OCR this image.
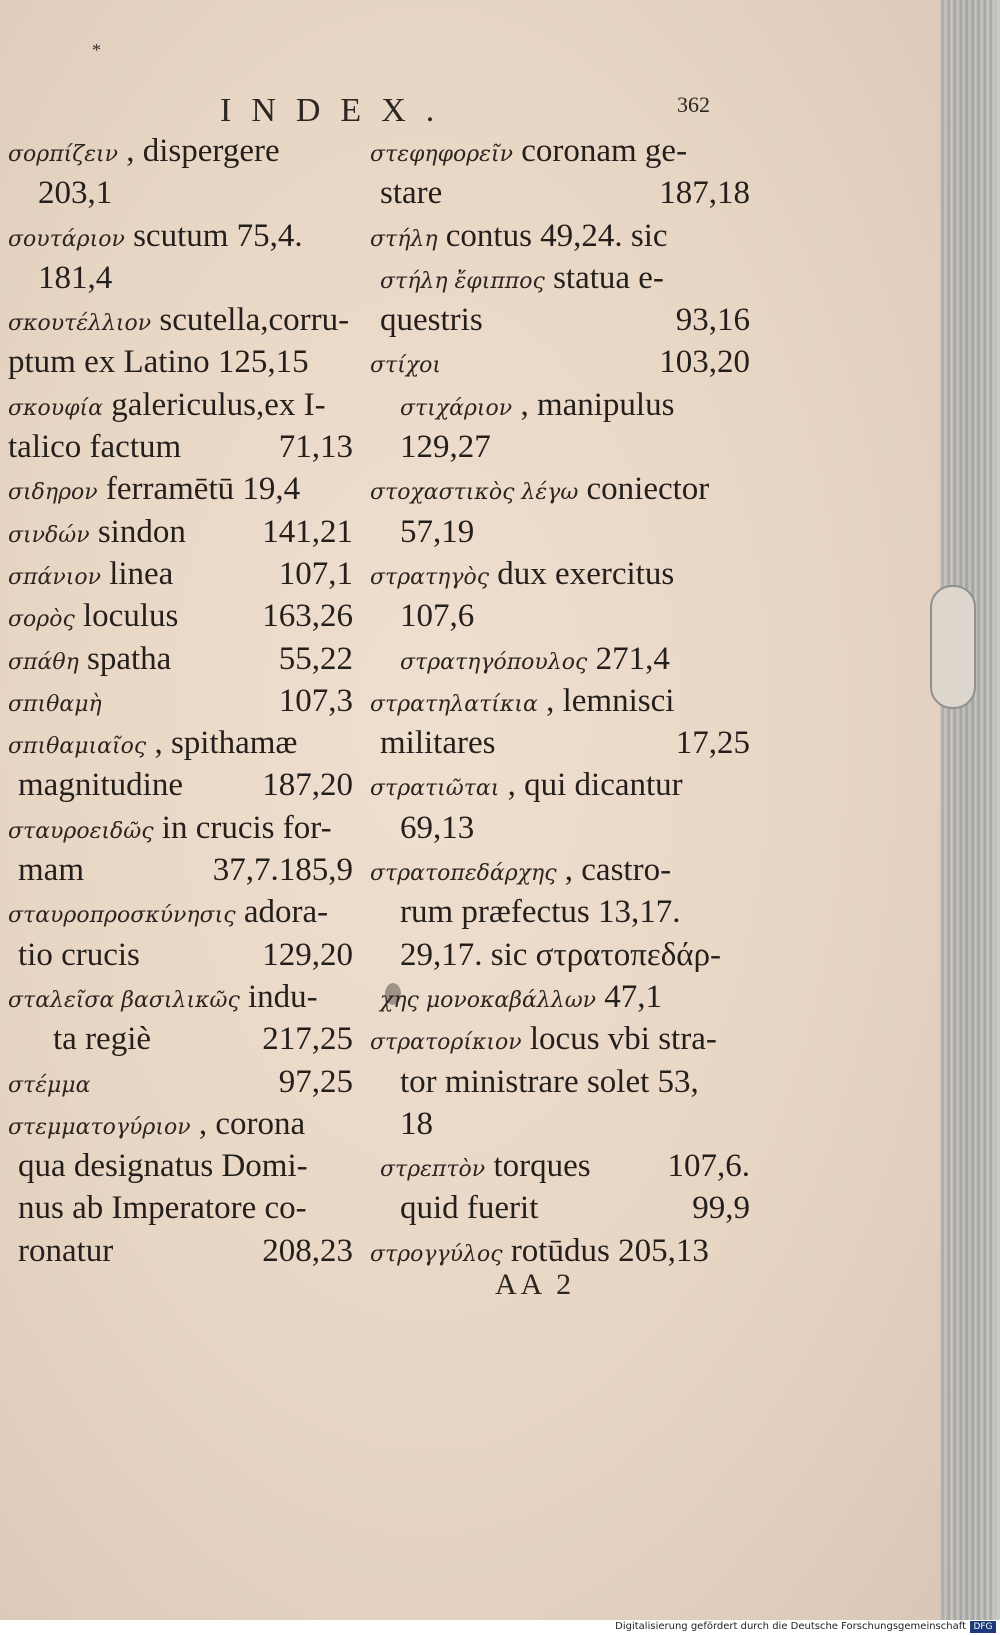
*
INDEX.	362
σορπίζειν , dispergere
203,1
σουτάριον scutum 75,4.
181,4
σκουτέλλιον scutella,corru-
ptum ex Latino 125,15
σκουφία galericulus,ex I-
talico factum	71,13
σιδηρον ferramētū 19,4
σινδών sindon	141,21
σπάνιον linea	107,1
σορὸς loculus	163,26
σπάθη spatha	55,22
σπιθαμὴ	107,3
σπιθαμιαῖος , spithamæ
magnitudine	187,20
σταυροειδῶς in crucis for-
mam	37,7.185,9
σταυροπροσκύνησις adora-
tio crucis	129,20
σταλεῖσα βασιλικῶς indu-
ta regiè	217,25
στέμμα	97,25
στεμματογύριον , corona
qua designatus Domi-
nus ab Imperatore co-
ronatur	208,23
στεφηφορεῖν coronam ge-
stare	187,18
στήλη contus 49,24. sic
στήλη ἔφιππος statua e-
questris	93,16
στίχοι	103,20
στιχάριον , manipulus
129,27
στοχαστικὸς λέγω coniector
57,19
στρατηγὸς dux exercitus
107,6
στρατηγόπουλος 271,4
στρατηλατίκια , lemnisci
militares	17,25
στρατιῶται , qui dicantur
69,13
στρατοπεδάρχης , castro-
rum præfectus 13,17.
29,17. sic στρατοπεδάρ-
χης μονοκαβάλλων 47,1
στρατορίκιον locus vbi stra-
tor ministrare solet 53,
18
στρεπτὸν torques	107,6.
quid fuerit	99,9
στρογγύλος rotūdus 205,13
AA 2
Digitalisierung gefördert durch die Deutsche Forschungsgemeinschaft DFG
